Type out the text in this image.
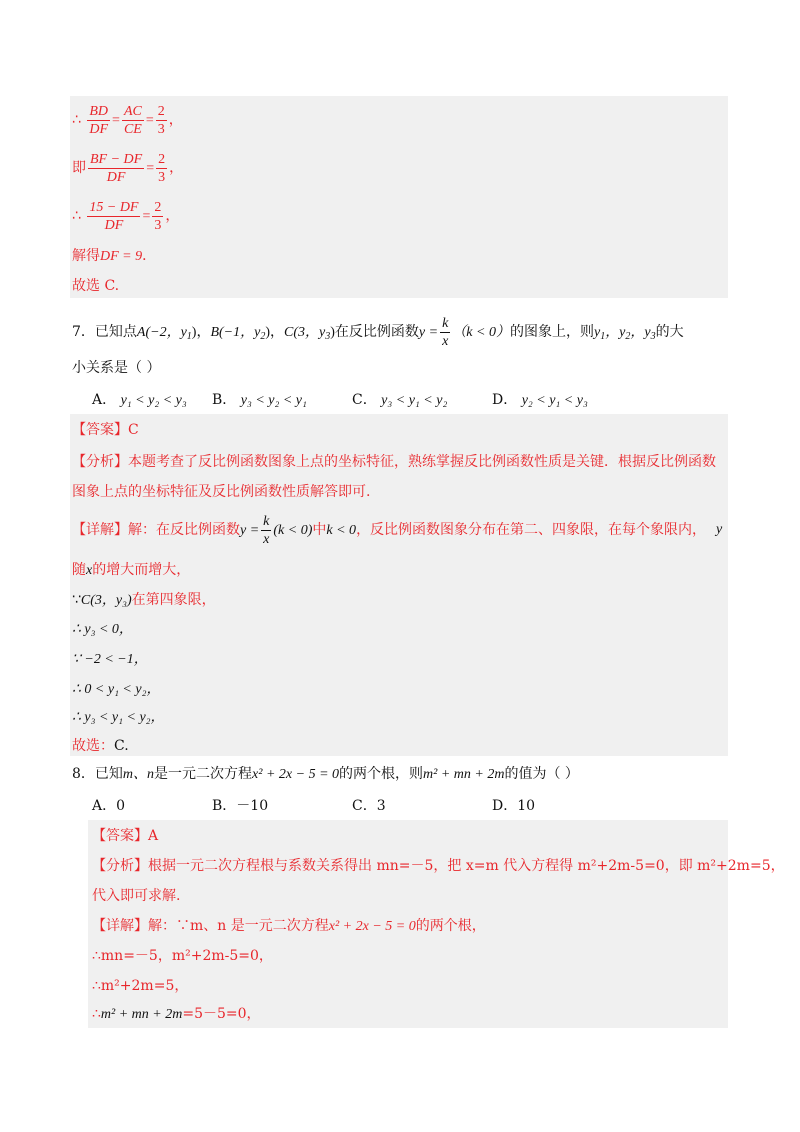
∴ $\frac{BD}{DF} = \frac{AC}{CE} = \frac{2}{3}$ ，
即 $\frac{BF - DF}{DF} = \frac{2}{3}$ ，
∴ $\frac{15 - DF}{DF} = \frac{2}{3}$ ，
解得DF = 9．
故选 C.
7．已知点A(−2，$y_1$)，B(−1，$y_2$)，C(3，$y_3$)在反比例函数$y = \frac{k}{x} (k < 0)$的图象上，则$y_1$，$y_2$，$y_3$的大
小关系是（ ）
A． y₁ < y₂ < y₃ B． y₃ < y₂ < y₁	C． y₃ < y₁ < y₂	D． y₂ < y₁ < y₃
【答案】C
【分析】本题考查了反比例函数图象上点的坐标特征，熟练掌握反比例函数性质是关键．根据反比例函数
图象上点的坐标特征及反比例函数性质解答即可.
【详解】解：在反比例函数$y = \frac{k}{x} (k < 0)$中k < 0，反比例函数图象分布在第二、四象限，在每个象限内， y
随x的增大而增大，
∵C(3，y₃)在第四象限，
∴ y₃ < 0，
∵ −2 < −1，
∴ 0 < y₁ < y₂，
∴ y₃ < y₁ < y₂，
故选：C.
8．已知m、n是一元二次方程x² + 2x − 5 = 0的两个根，则m² + mn + 2m的值为（ ）
A．0	B．－10	C．3	D．10
【答案】A
【分析】根据一元二次方程根与系数关系得出 mn=－5，把 x=m 代入方程得 m²+2m-5=0，即 m²+2m=5，
代入即可求解.
【详解】解：∵m、n 是一元二次方程x² + 2x − 5 = 0的两个根，
∴mn=－5，m²+2m-5=0，
∴m²+2m=5，
∴m² + mn + 2m=5－5=0，
